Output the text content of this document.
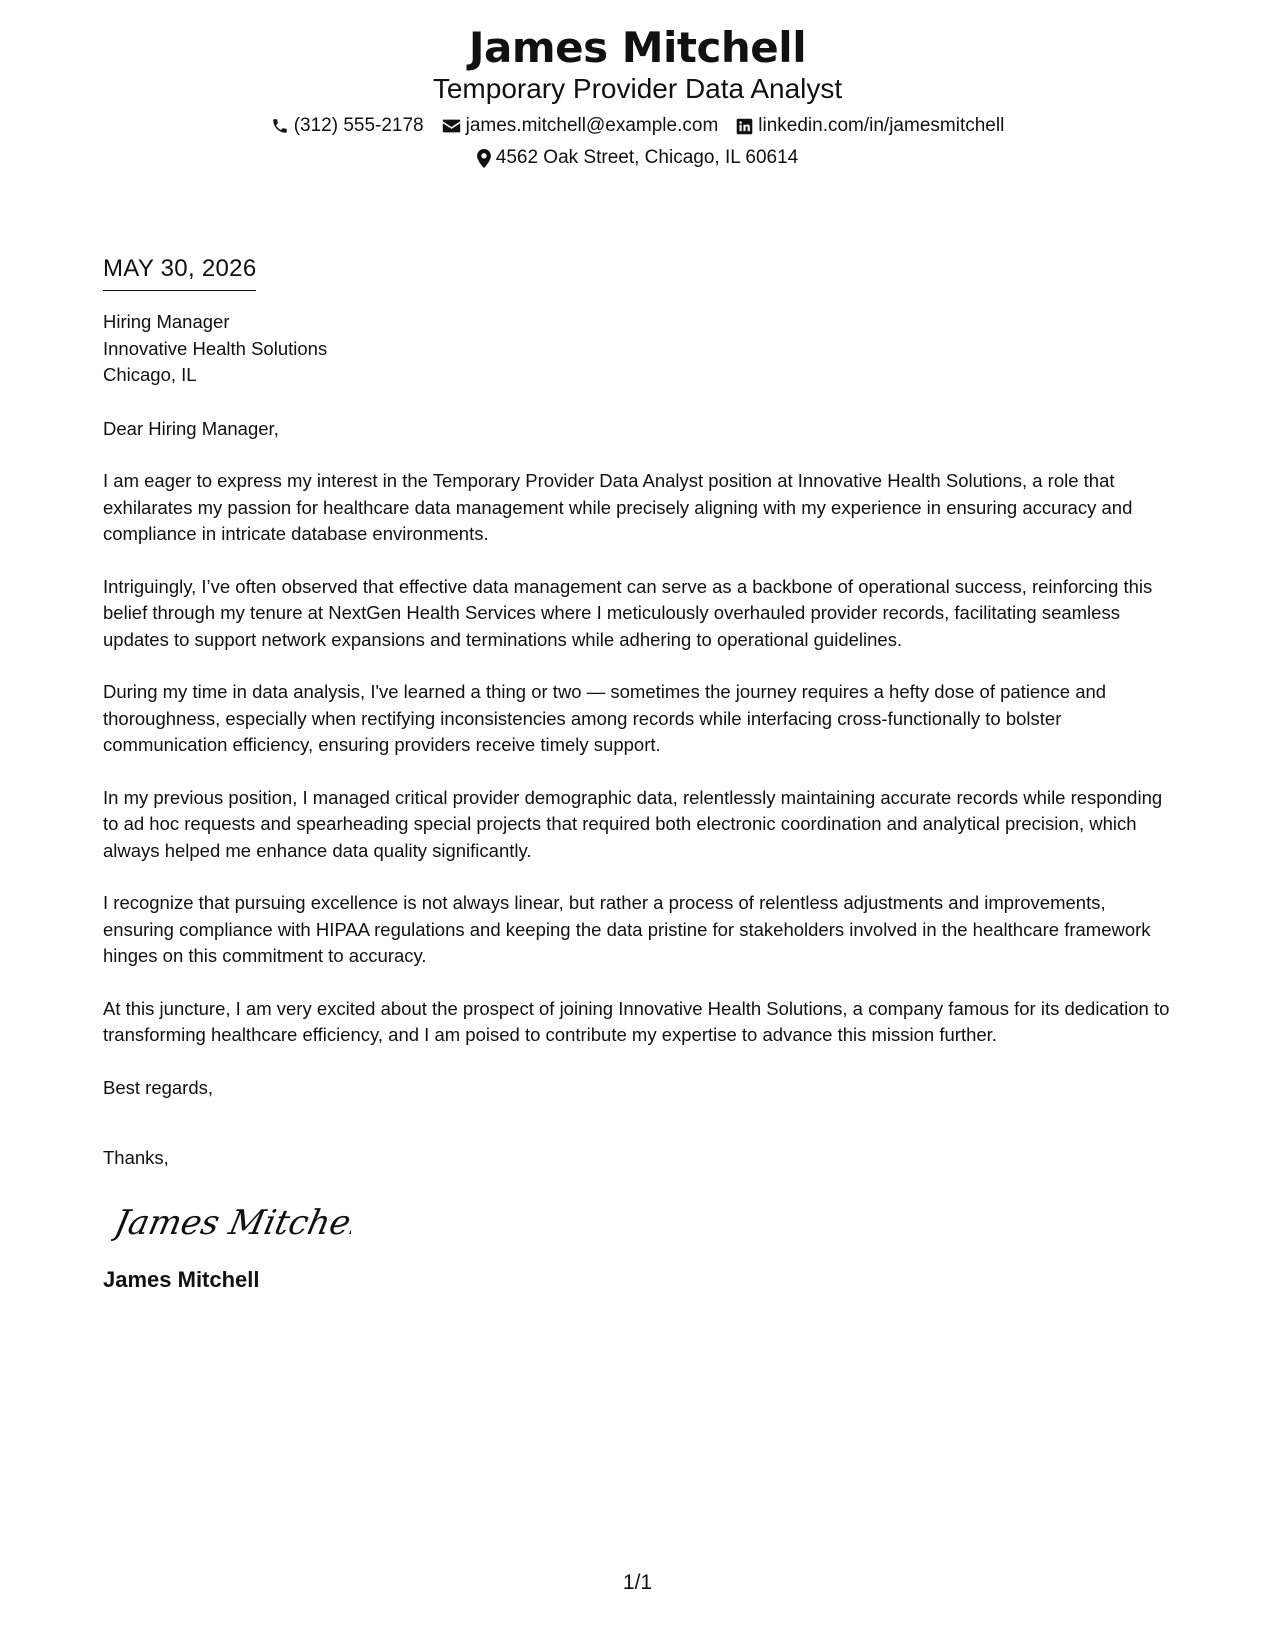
James Mitchell
Temporary Provider Data Analyst
(312) 555-2178 james.mitchell@example.com linkedin.com/in/jamesmitchell
4562 Oak Street, Chicago, IL 60614
MAY 30, 2026
Hiring Manager
Innovative Health Solutions
Chicago, IL

Dear Hiring Manager,

I am eager to express my interest in the Temporary Provider Data Analyst position at Innovative Health Solutions, a role that exhilarates my passion for healthcare data management while precisely aligning with my experience in ensuring accuracy and compliance in intricate database environments.

Intriguingly, I’ve often observed that effective data management can serve as a backbone of operational success, reinforcing this belief through my tenure at NextGen Health Services where I meticulously overhauled provider records, facilitating seamless updates to support network expansions and terminations while adhering to operational guidelines.

During my time in data analysis, I've learned a thing or two — sometimes the journey requires a hefty dose of patience and thoroughness, especially when rectifying inconsistencies among records while interfacing cross-functionally to bolster communication efficiency, ensuring providers receive timely support.

In my previous position, I managed critical provider demographic data, relentlessly maintaining accurate records while responding to ad hoc requests and spearheading special projects that required both electronic coordination and analytical precision, which always helped me enhance data quality significantly.

I recognize that pursuing excellence is not always linear, but rather a process of relentless adjustments and improvements, ensuring compliance with HIPAA regulations and keeping the data pristine for stakeholders involved in the healthcare framework hinges on this commitment to accuracy.

At this juncture, I am very excited about the prospect of joining Innovative Health Solutions, a company famous for its dedication to transforming healthcare efficiency, and I am poised to contribute my expertise to advance this mission further.

Best regards,

Thanks,

James Mitchell
James Mitchell
1/1
